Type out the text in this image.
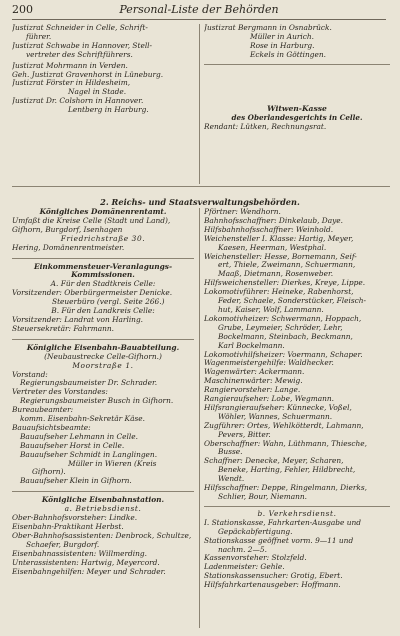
200	Personal-Liste der Behörden
Justizrat Schneider in Celle, Schrift-
führer.
Justizrat Schwabe in Hannover, Stell-
vertreter des Schriftführers.
Justizrat Mohrmann in Verden.
Geh. Justizrat Gravenhorst in Lüneburg.
Justizrat Förster in Hildesheim,
Nagel in Stade.
Justizrat Dr. Colshorn in Hannover.
Lentberg in Harburg.
Justizrat Bergmann in Osnabrück.
Müller in Aurich.
Rose in Harburg.
Eckels in Göttingen.
Witwen-Kasse
des Oberlandesgerichts in Celle.
Rendant: Lütken, Rechnungsrat.
2. Reichs- und Staatsverwaltungsbehörden.
Königliches Domänenrentamt.
Umfaßt die Kreise Celle (Stadt und Land),
Gifhorn, Burgdorf, Isenhagen
Friedrichstraße 30.
Hering, Domänenrentmeister.
Einkommensteuer-Veranlagungs-
Kommissionen.
A. Für den Stadtkreis Celle:
Vorsitzender: Oberbürgermeister Denicke.
Steuerbüro (vergl. Seite 266.)
B. Für den Landkreis Celle:
Vorsitzender: Landrat von Harling.
Steuersekretär: Fahrmann.
Königliche Eisenbahn-Bauabteilung.
(Neubaustrecke Celle-Gifhorn.)
Moorstraße 1.
Vorstand:
Regierungsbaumeister Dr. Schrader.
Vertreter des Vorstandes:
Regierungsbaumeister Busch in Gifhorn.
Bureaubeamter:
komm. Eisenbahn-Sekretär Käse.
Bauaufsichtsbeamte:
Bauaufseher Lehmann in Celle.
Bauaufseher Horst in Celle.
Bauaufseher Schmidt in Langlingen.
Müller in Wieren (Kreis
Gifhorn).
Bauaufseher Klein in Gifhorn.
Königliche Eisenbahnstation.
a. Betriebsdienst.
Ober-Bahnhofsvorsteher: Lindke.
Eisenbahn-Praktikant Herbst.
Ober-Bahnhofsassistenten: Denbrock, Schultze,
Schaefer, Burgdorf.
Eisenbahnassistenten: Willmerding.
Unterassistenten: Hartwig, Meyercord.
Eisenbahngehilfen: Meyer und Schrader.
Pförtner: Wendhorn.
Bahnhofsschaffner: Dinkelaub, Daye.
Hilfsbahnhofsschaffner: Weinhold.
Weichensteller I. Klasse: Hartig, Meyer,
Kaesen, Heerman, Westphal.
Weichensteller: Hesse, Bornemann, Seif-
ert, Thiele, Zweimann, Schuermann,
Maaß, Dietmann, Rosenweber.
Hilfsweichensteller: Dierkes, Kreye, Lippe.
Lokomotivführer: Heineke, Rabenhorst,
Feder, Schaele, Sonderstücker, Fleisch-
hut, Kaiser, Wolf, Lammann.
Lokomotivheizer: Schwermann, Hoppach,
Grube, Leymeier, Schröder, Lehr,
Bockelmann, Steinbach, Beckmann,
Karl Bockelmann.
Lokomotivhilfsheizer: Voermann, Schaper.
Wagenmeistergehilfe: Waldhecker.
Wagenwärter: Ackermann.
Maschinenwärter: Mewig.
Rangiervorsteher: Lange.
Rangieraufseher: Lobe, Wegmann.
Hilfsrangieraufseher: Künnecke, Voßel,
Wöhler, Wannes, Schuermann.
Zugführer: Ortes, Wehlkötterdt, Lahmann,
Pevers, Bitter.
Oberschaffner: Wahn, Lüthmann, Thiesche,
Busse.
Schaffner: Denecke, Meyer, Scharen,
Beneke, Harting, Fehler, Hildbrecht,
Wendt.
Hilfsschaffner: Deppe, Ringelmann, Dierks,
Schlier, Bour, Niemann.
b. Verkehrsdienst.
I. Stationskasse, Fahrkarten-Ausgabe und
Gepäckabfertigung.
Stationskasse geöffnet vorm. 9—11 und
nachm. 2—5.
Kassenvorsteher: Stolzfeld.
Ladenmeister: Gehle.
Stationskassensucher: Grotig, Ebert.
Hilfsfahrkartenausgeber: Hoffmann.
